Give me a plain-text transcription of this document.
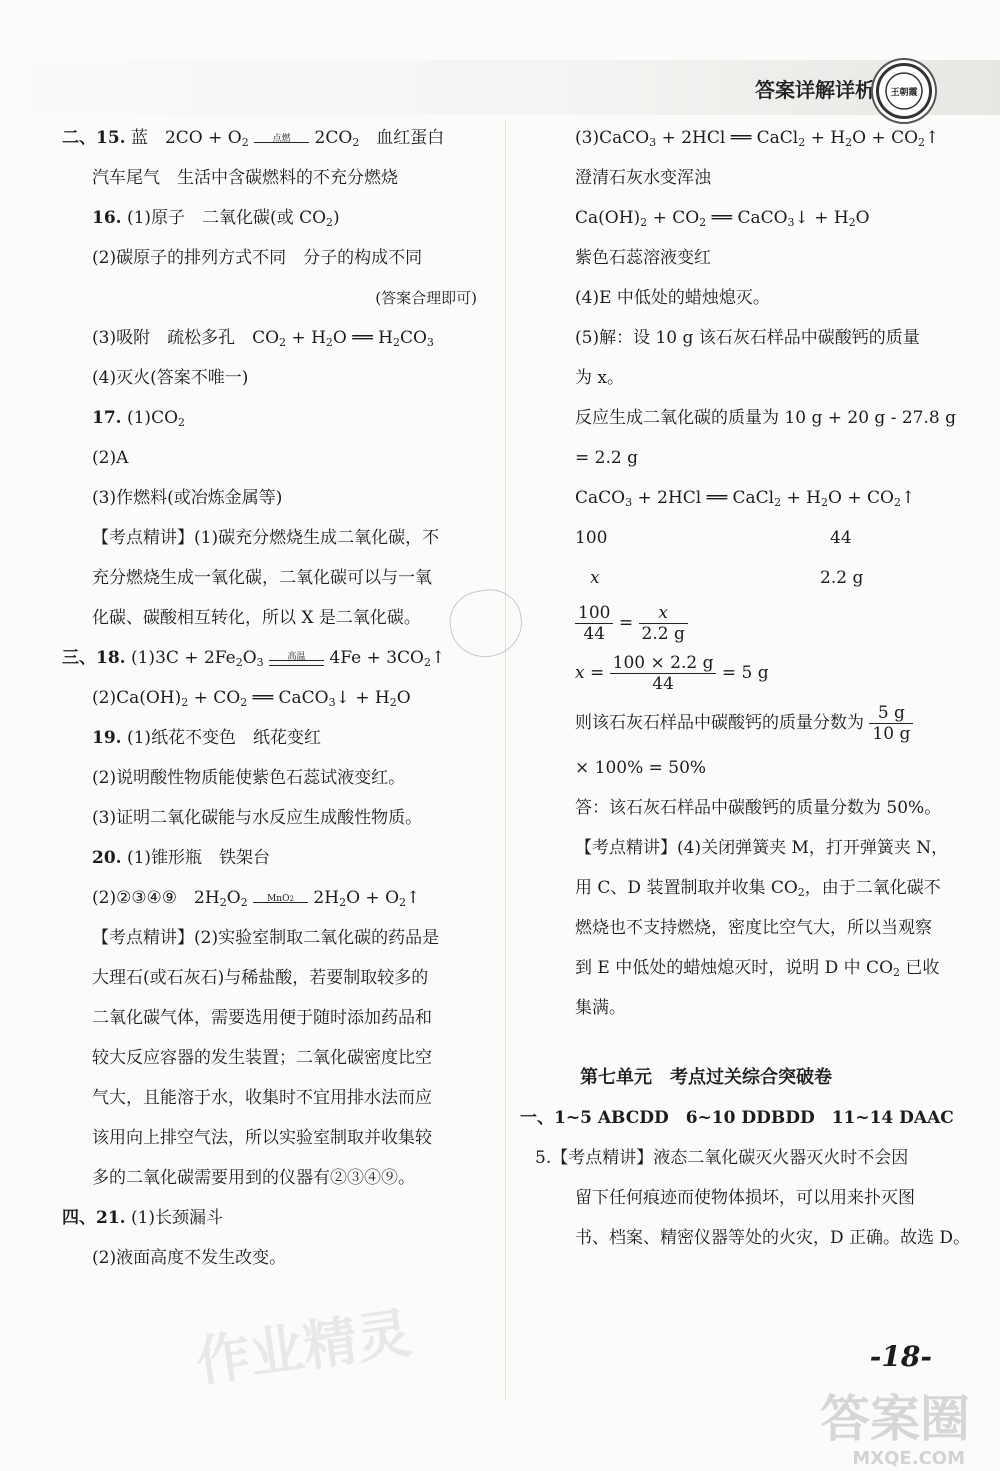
答案详解详析 王朝霞
二、15. 蓝　$2CO + O_2$	点燃	$2CO_2$　血红蛋白
汽车尾气　生活中含碳燃料的不充分燃烧
16. (1)原子　二氧化碳(或 $CO_2$)
(2)碳原子的排列方式不同　分子的构成不同
(答案合理即可)
(3)吸附　疏松多孔　$CO_2 + H_2O$ ══ $H_2CO_3$
(4)灭火(答案不唯一)
17. $(1)CO_2$
(2)A
(3)作燃料(或冶炼金属等)
【考点精讲】(1)碳充分燃烧生成二氧化碳，不
充分燃烧生成一氧化碳，二氧化碳可以与一氧
化碳、碳酸相互转化，所以 X 是二氧化碳。
三、18. $(1)3C + 2Fe_2O_3$	高温	$4Fe + 3CO_2↑$
$(2)Ca(OH)_2 + CO_2$ ══ CaCO$_3$↓ + $H_2O$
19. (1)纸花不变色　纸花变红
(2)说明酸性物质能使紫色石蕊试液变红。
(3)证明二氧化碳能与水反应生成酸性物质。
20. (1)锥形瓶　铁架台
(2)②③④⑨　$2H_2O_2$	MnO2 $2H_2O$ + $O_2↑$
【考点精讲】(2)实验室制取二氧化碳的药品是
大理石(或石灰石)与稀盐酸，若要制取较多的
二氧化碳气体，需要选用便于随时添加药品和
较大反应容器的发生装置；二氧化碳密度比空
气大，且能溶于水，收集时不宜用排水法而应
该用向上排空气法，所以实验室制取并收集较
多的二氧化碳需要用到的仪器有②③④⑨。
四、21. (1)长颈漏斗
(2)液面高度不发生改变。
(3)CaCO$_3$ + 2HCl ══ CaCl$_2$ + $H_2O$ + $CO_2↑$
澄清石灰水变浑浊
$Ca(OH)_2 + CO_2$ ══ CaCO$_3$↓ + $H_2O$
紫色石蕊溶液变红
(4)E 中低处的蜡烛熄灭。
(5)解：设 10 g 该石灰石样品中碳酸钙的质量
为 x。
反应生成二氧化碳的质量为 10 g + 20 g - 27.8 g
= 2.2 g
CaCO$_3$ + 2HCl ══ CaCl$_2$ + $H_2O$ + $CO_2↑$
100	44
x	2.2 g
$\frac{100}{44} = \frac{x}{2.2 g}$
$x = \frac{100 \times 2.2 g}{44} = 5$ g
则该石灰石样品中碳酸钙的质量分数为 $\frac{5 g}{10 g}$
× 100% = 50%
答：该石灰石样品中碳酸钙的质量分数为 50%。
【考点精讲】(4)关闭弹簧夹 M，打开弹簧夹 N，
用 C、D 装置制取并收集 $CO_2$，由于二氧化碳不
燃烧也不支持燃烧，密度比空气大，所以当观察
到 E 中低处的蜡烛熄灭时，说明 D 中 $CO_2$ 已收
集满。
第七单元　考点过关综合突破卷
一、1~5 ABCDD　6~10 DDBDD　11~14 DAAC
5.【考点精讲】液态二氧化碳灭火器灭火时不会因
留下任何痕迹而使物体损坏，可以用来扑灭图
书、档案、精密仪器等处的火灾，D 正确。故选 D。
作业精灵	-18-
答案圈
MXQE.COM
